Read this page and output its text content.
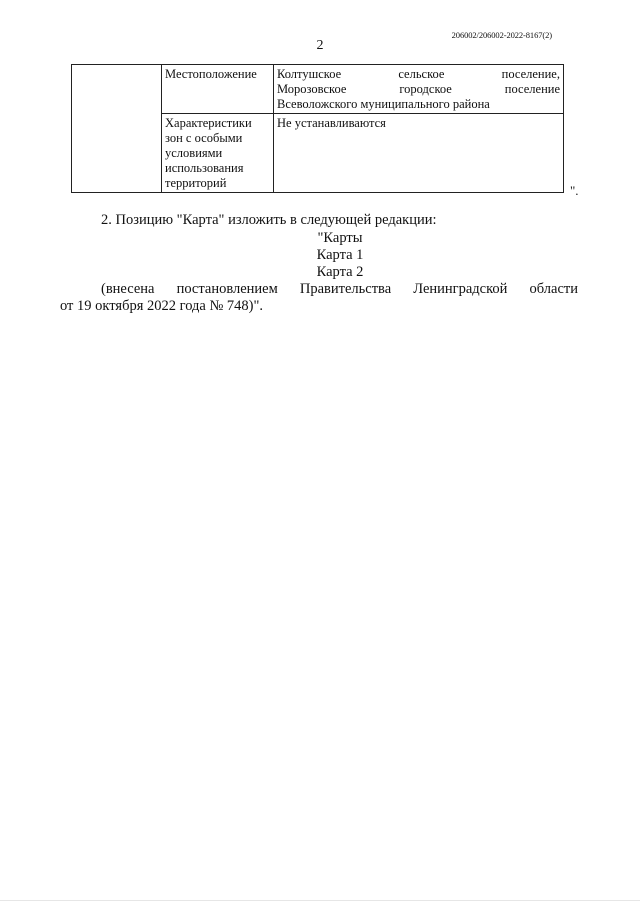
206002/206002-2022-8167(2)
2
	Местоположение	Колтушское сельское поселение,
Морозовское городское поселение
Всеволожского муниципального района

	Характеристики
зон с особыми
условиями
использования
территорий	Не устанавливаются
".
2. Позицию "Карта" изложить в следующей редакции:
"Карты
Карта 1
Карта 2
(внесена постановлением Правительства Ленинградской области
от 19 октября 2022 года № 748)".
